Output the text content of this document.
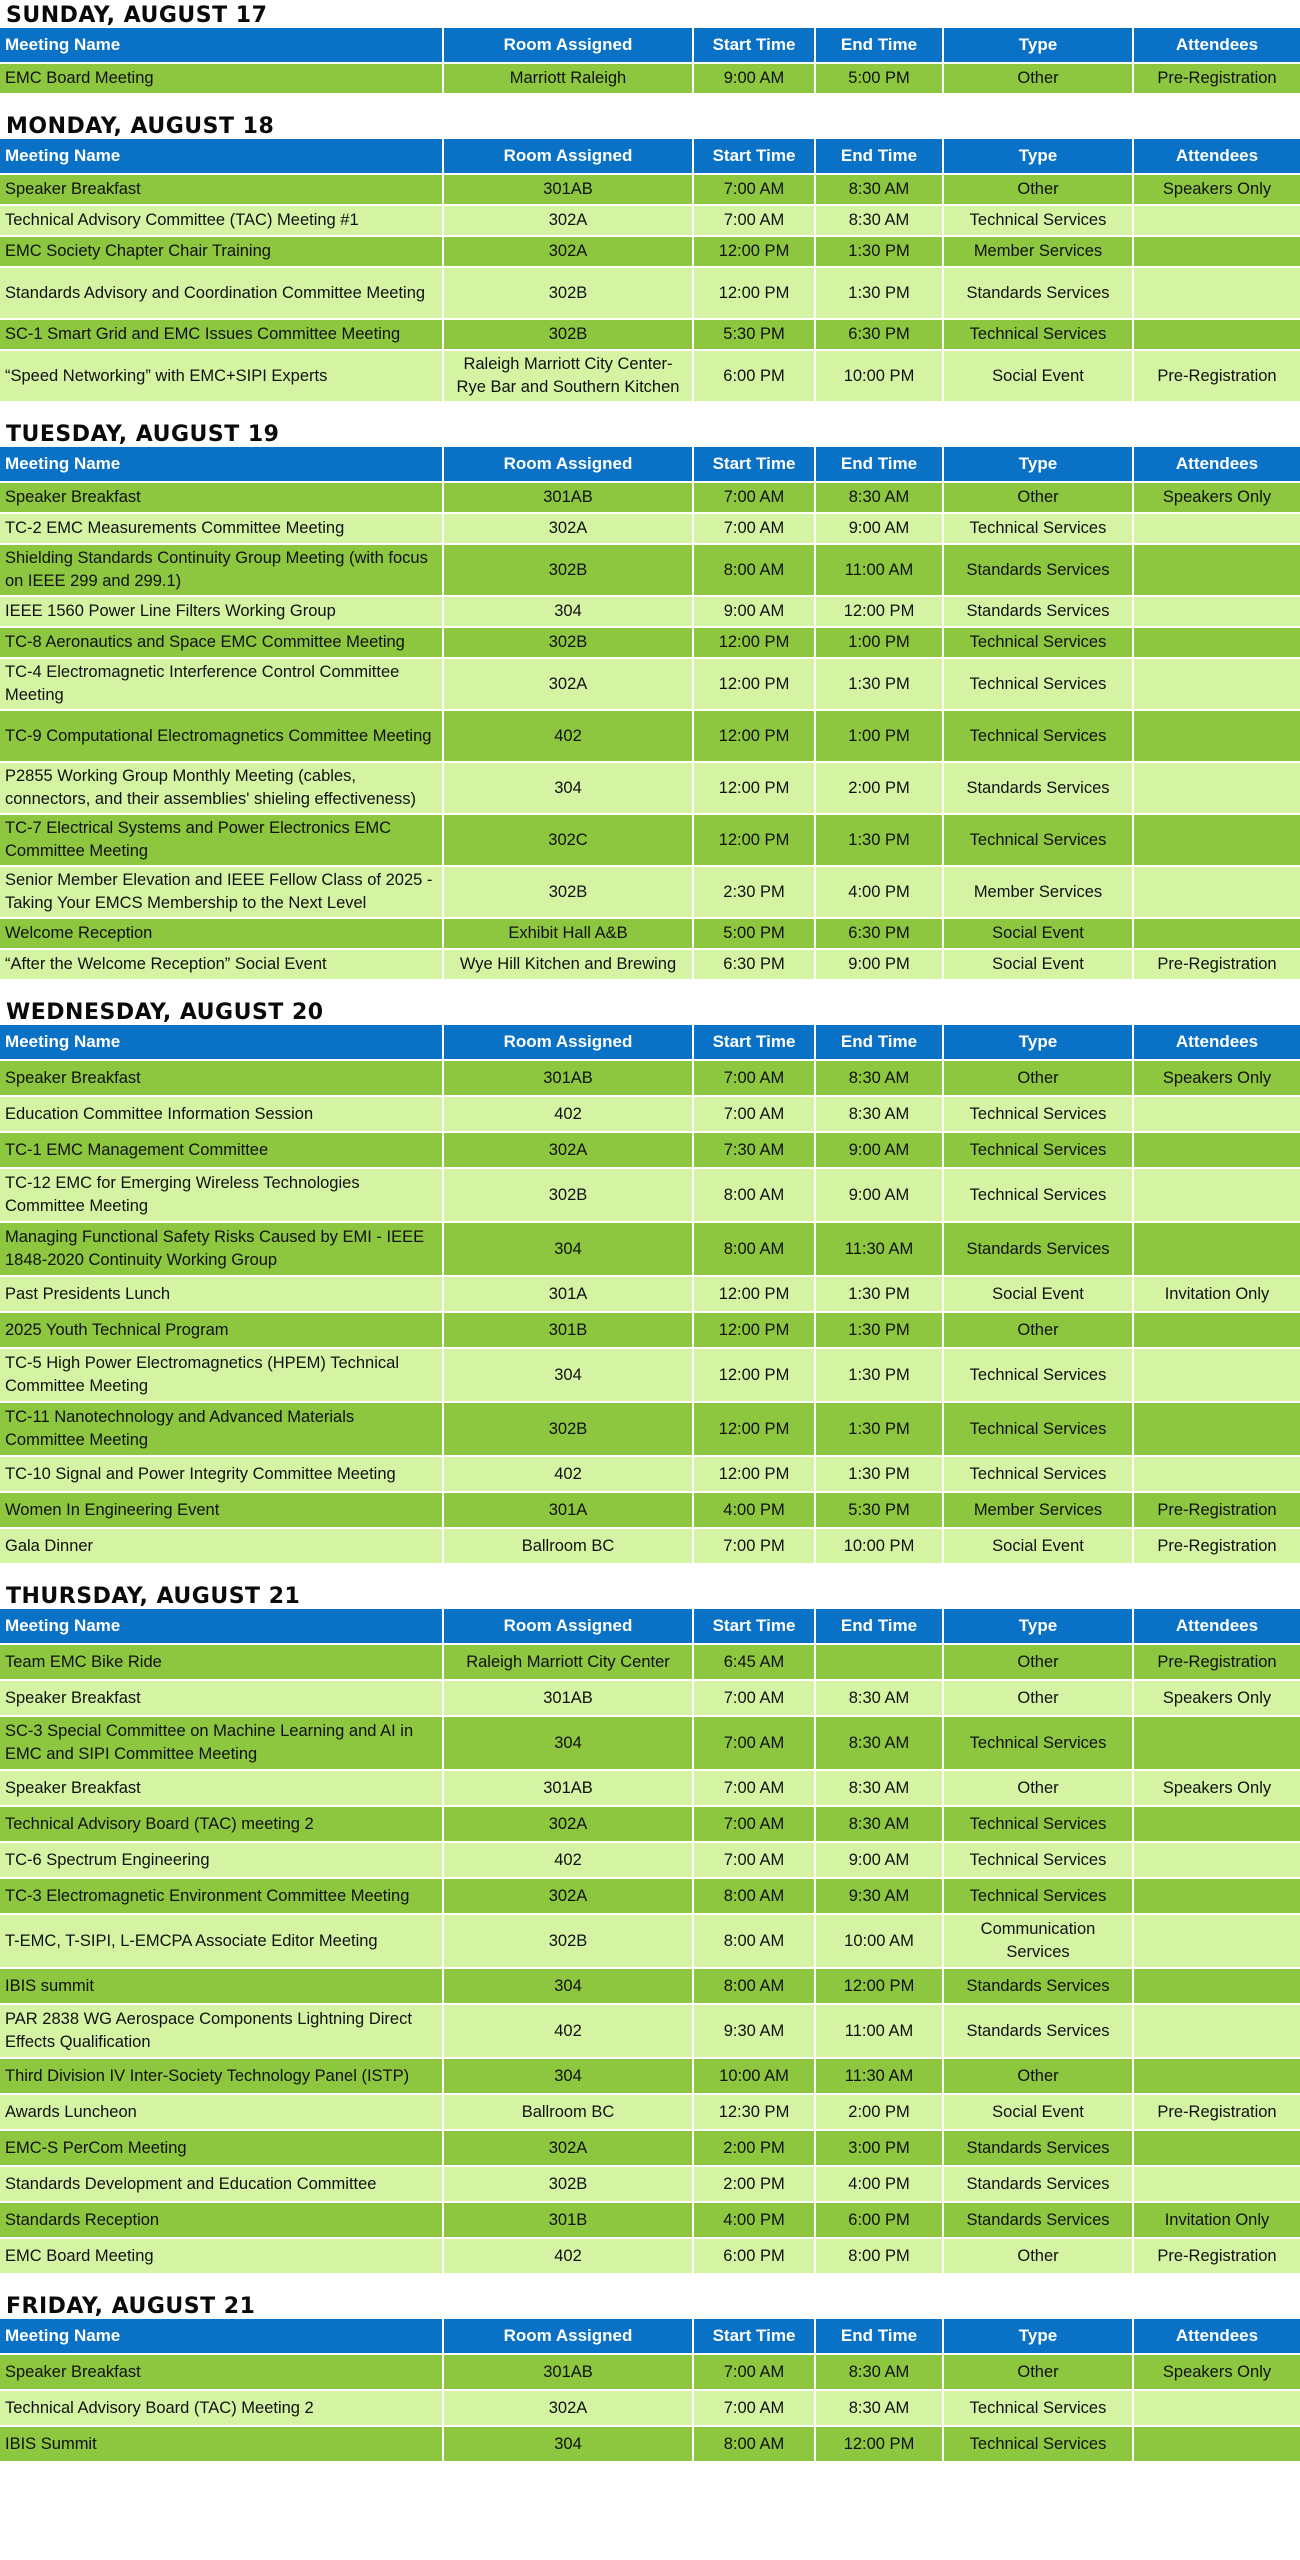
SUNDAY, AUGUST 17
Meeting Name	Room Assigned	Start Time	End Time	Type	Attendees
EMC Board Meeting	Marriott Raleigh	9:00 AM	5:00 PM	Other	Pre-Registration
MONDAY, AUGUST 18
Meeting Name	Room Assigned	Start Time	End Time	Type	Attendees
Speaker Breakfast	301AB	7:00 AM	8:30 AM	Other	Speakers Only
Technical Advisory Committee (TAC) Meeting #1	302A	7:00 AM	8:30 AM	Technical Services	
EMC Society Chapter Chair Training	302A	12:00 PM	1:30 PM	Member Services	
Standards Advisory and Coordination Committee Meeting	302B	12:00 PM	1:30 PM	Standards Services	
SC-1 Smart Grid and EMC Issues Committee Meeting	302B	5:30 PM	6:30 PM	Technical Services	
“Speed Networking” with EMC+SIPI Experts	Raleigh Marriott City Center- Rye Bar and Southern Kitchen	6:00 PM	10:00 PM	Social Event	Pre-Registration
TUESDAY, AUGUST 19
Meeting Name	Room Assigned	Start Time	End Time	Type	Attendees
Speaker Breakfast	301AB	7:00 AM	8:30 AM	Other	Speakers Only
TC-2 EMC Measurements Committee Meeting	302A	7:00 AM	9:00 AM	Technical Services	
Shielding Standards Continuity Group Meeting (with focus on IEEE 299 and 299.1)	302B	8:00 AM	11:00 AM	Standards Services	
IEEE 1560 Power Line Filters Working Group	304	9:00 AM	12:00 PM	Standards Services	
TC-8 Aeronautics and Space EMC Committee Meeting	302B	12:00 PM	1:00 PM	Technical Services	
TC-4 Electromagnetic Interference Control Committee Meeting	302A	12:00 PM	1:30 PM	Technical Services	
TC-9 Computational Electromagnetics Committee Meeting	402	12:00 PM	1:00 PM	Technical Services	
P2855 Working Group Monthly Meeting (cables, connectors, and their assemblies' shieling effectiveness)	304	12:00 PM	2:00 PM	Standards Services	
TC-7 Electrical Systems and Power Electronics EMC Committee Meeting	302C	12:00 PM	1:30 PM	Technical Services	
Senior Member Elevation and IEEE Fellow Class of 2025 - Taking Your EMCS Membership to the Next Level	302B	2:30 PM	4:00 PM	Member Services	
Welcome Reception	Exhibit Hall A&B	5:00 PM	6:30 PM	Social Event	
“After the Welcome Reception” Social Event	Wye Hill Kitchen and Brewing	6:30 PM	9:00 PM	Social Event	Pre-Registration
WEDNESDAY, AUGUST 20
Meeting Name	Room Assigned	Start Time	End Time	Type	Attendees
Speaker Breakfast	301AB	7:00 AM	8:30 AM	Other	Speakers Only
Education Committee Information Session	402	7:00 AM	8:30 AM	Technical Services	
TC-1 EMC Management Committee	302A	7:30 AM	9:00 AM	Technical Services	
TC-12 EMC for Emerging Wireless Technologies Committee Meeting	302B	8:00 AM	9:00 AM	Technical Services	
Managing Functional Safety Risks Caused by EMI - IEEE 1848-2020 Continuity Working Group	304	8:00 AM	11:30 AM	Standards Services	
Past Presidents Lunch	301A	12:00 PM	1:30 PM	Social Event	Invitation Only
2025 Youth Technical Program	301B	12:00 PM	1:30 PM	Other	
TC-5 High Power Electromagnetics (HPEM) Technical Committee Meeting	304	12:00 PM	1:30 PM	Technical Services	
TC-11 Nanotechnology and Advanced Materials Committee Meeting	302B	12:00 PM	1:30 PM	Technical Services	
TC-10 Signal and Power Integrity Committee Meeting	402	12:00 PM	1:30 PM	Technical Services	
Women In Engineering Event	301A	4:00 PM	5:30 PM	Member Services	Pre-Registration
Gala Dinner	Ballroom BC	7:00 PM	10:00 PM	Social Event	Pre-Registration
THURSDAY, AUGUST 21
Meeting Name	Room Assigned	Start Time	End Time	Type	Attendees
Team EMC Bike Ride	Raleigh Marriott City Center	6:45 AM		Other	Pre-Registration
Speaker Breakfast	301AB	7:00 AM	8:30 AM	Other	Speakers Only
SC-3 Special Committee on Machine Learning and AI in EMC and SIPI Committee Meeting	304	7:00 AM	8:30 AM	Technical Services	
Speaker Breakfast	301AB	7:00 AM	8:30 AM	Other	Speakers Only
Technical Advisory Board (TAC) meeting 2	302A	7:00 AM	8:30 AM	Technical Services	
TC-6 Spectrum Engineering	402	7:00 AM	9:00 AM	Technical Services	
TC-3 Electromagnetic Environment Committee Meeting	302A	8:00 AM	9:30 AM	Technical Services	
T-EMC, T-SIPI, L-EMCPA Associate Editor Meeting	302B	8:00 AM	10:00 AM	Communication Services	
IBIS summit	304	8:00 AM	12:00 PM	Standards Services	
PAR 2838 WG Aerospace Components Lightning Direct Effects Qualification	402	9:30 AM	11:00 AM	Standards Services	
Third Division IV Inter-Society Technology Panel (ISTP)	304	10:00 AM	11:30 AM	Other	
Awards Luncheon	Ballroom BC	12:30 PM	2:00 PM	Social Event	Pre-Registration
EMC-S PerCom Meeting	302A	2:00 PM	3:00 PM	Standards Services	
Standards Development and Education Committee	302B	2:00 PM	4:00 PM	Standards Services	
Standards Reception	301B	4:00 PM	6:00 PM	Standards Services	Invitation Only
EMC Board Meeting	402	6:00 PM	8:00 PM	Other	Pre-Registration
FRIDAY, AUGUST 21
Meeting Name	Room Assigned	Start Time	End Time	Type	Attendees
Speaker Breakfast	301AB	7:00 AM	8:30 AM	Other	Speakers Only
Technical Advisory Board (TAC) Meeting 2	302A	7:00 AM	8:30 AM	Technical Services	
IBIS Summit	304	8:00 AM	12:00 PM	Technical Services	
